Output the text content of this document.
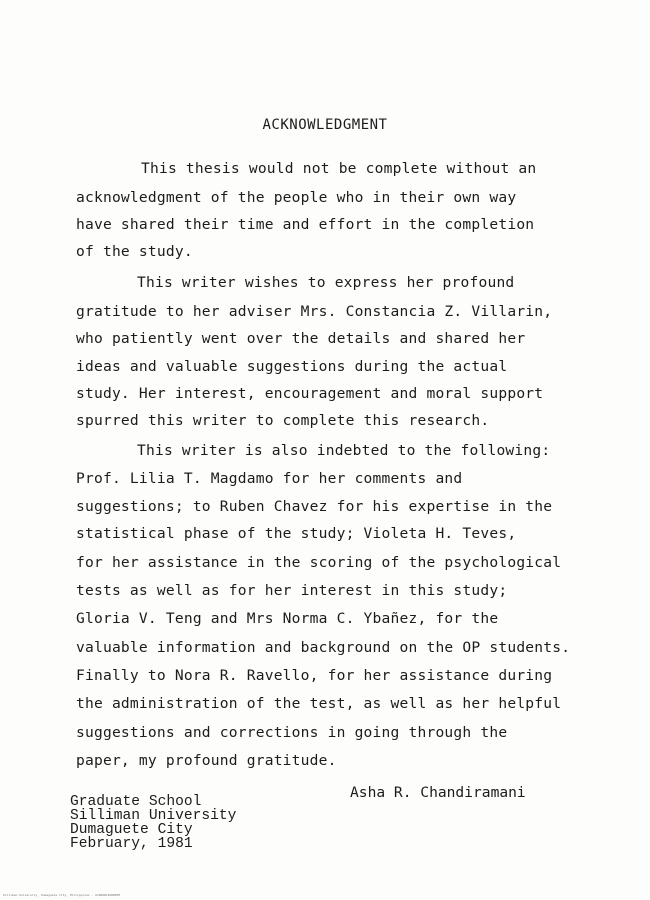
ACKNOWLEDGMENT
This thesis would not be complete without an
acknowledgment of the people who in their own way
have shared their time and effort in the completion
of the study.
This writer wishes to express her profound
gratitude to her adviser Mrs. Constancia Z. Villarin,
who patiently went over the details and shared her
ideas and valuable suggestions during the actual
study. Her interest, encouragement and moral support
spurred this writer to complete this research.
This writer is also indebted to the following:
Prof. Lilia T. Magdamo for her comments and
suggestions; to Ruben Chavez for his expertise in the
statistical phase of the study; Violeta H. Teves,
for her assistance in the scoring of the psychological
tests as well as for her interest in this study;
Gloria V. Teng and Mrs Norma C. Ybañez, for the
valuable information and background on the OP students.
Finally to Nora R. Ravello, for her assistance during
the administration of the test, as well as her helpful
suggestions and corrections in going through the
paper, my profound gratitude.
Asha R. Chandiramani
Graduate School
Silliman University
Dumaguete City
February, 1981
Silliman University, Dumaguete City, Philippines · ACKNOWLEDGMENT
